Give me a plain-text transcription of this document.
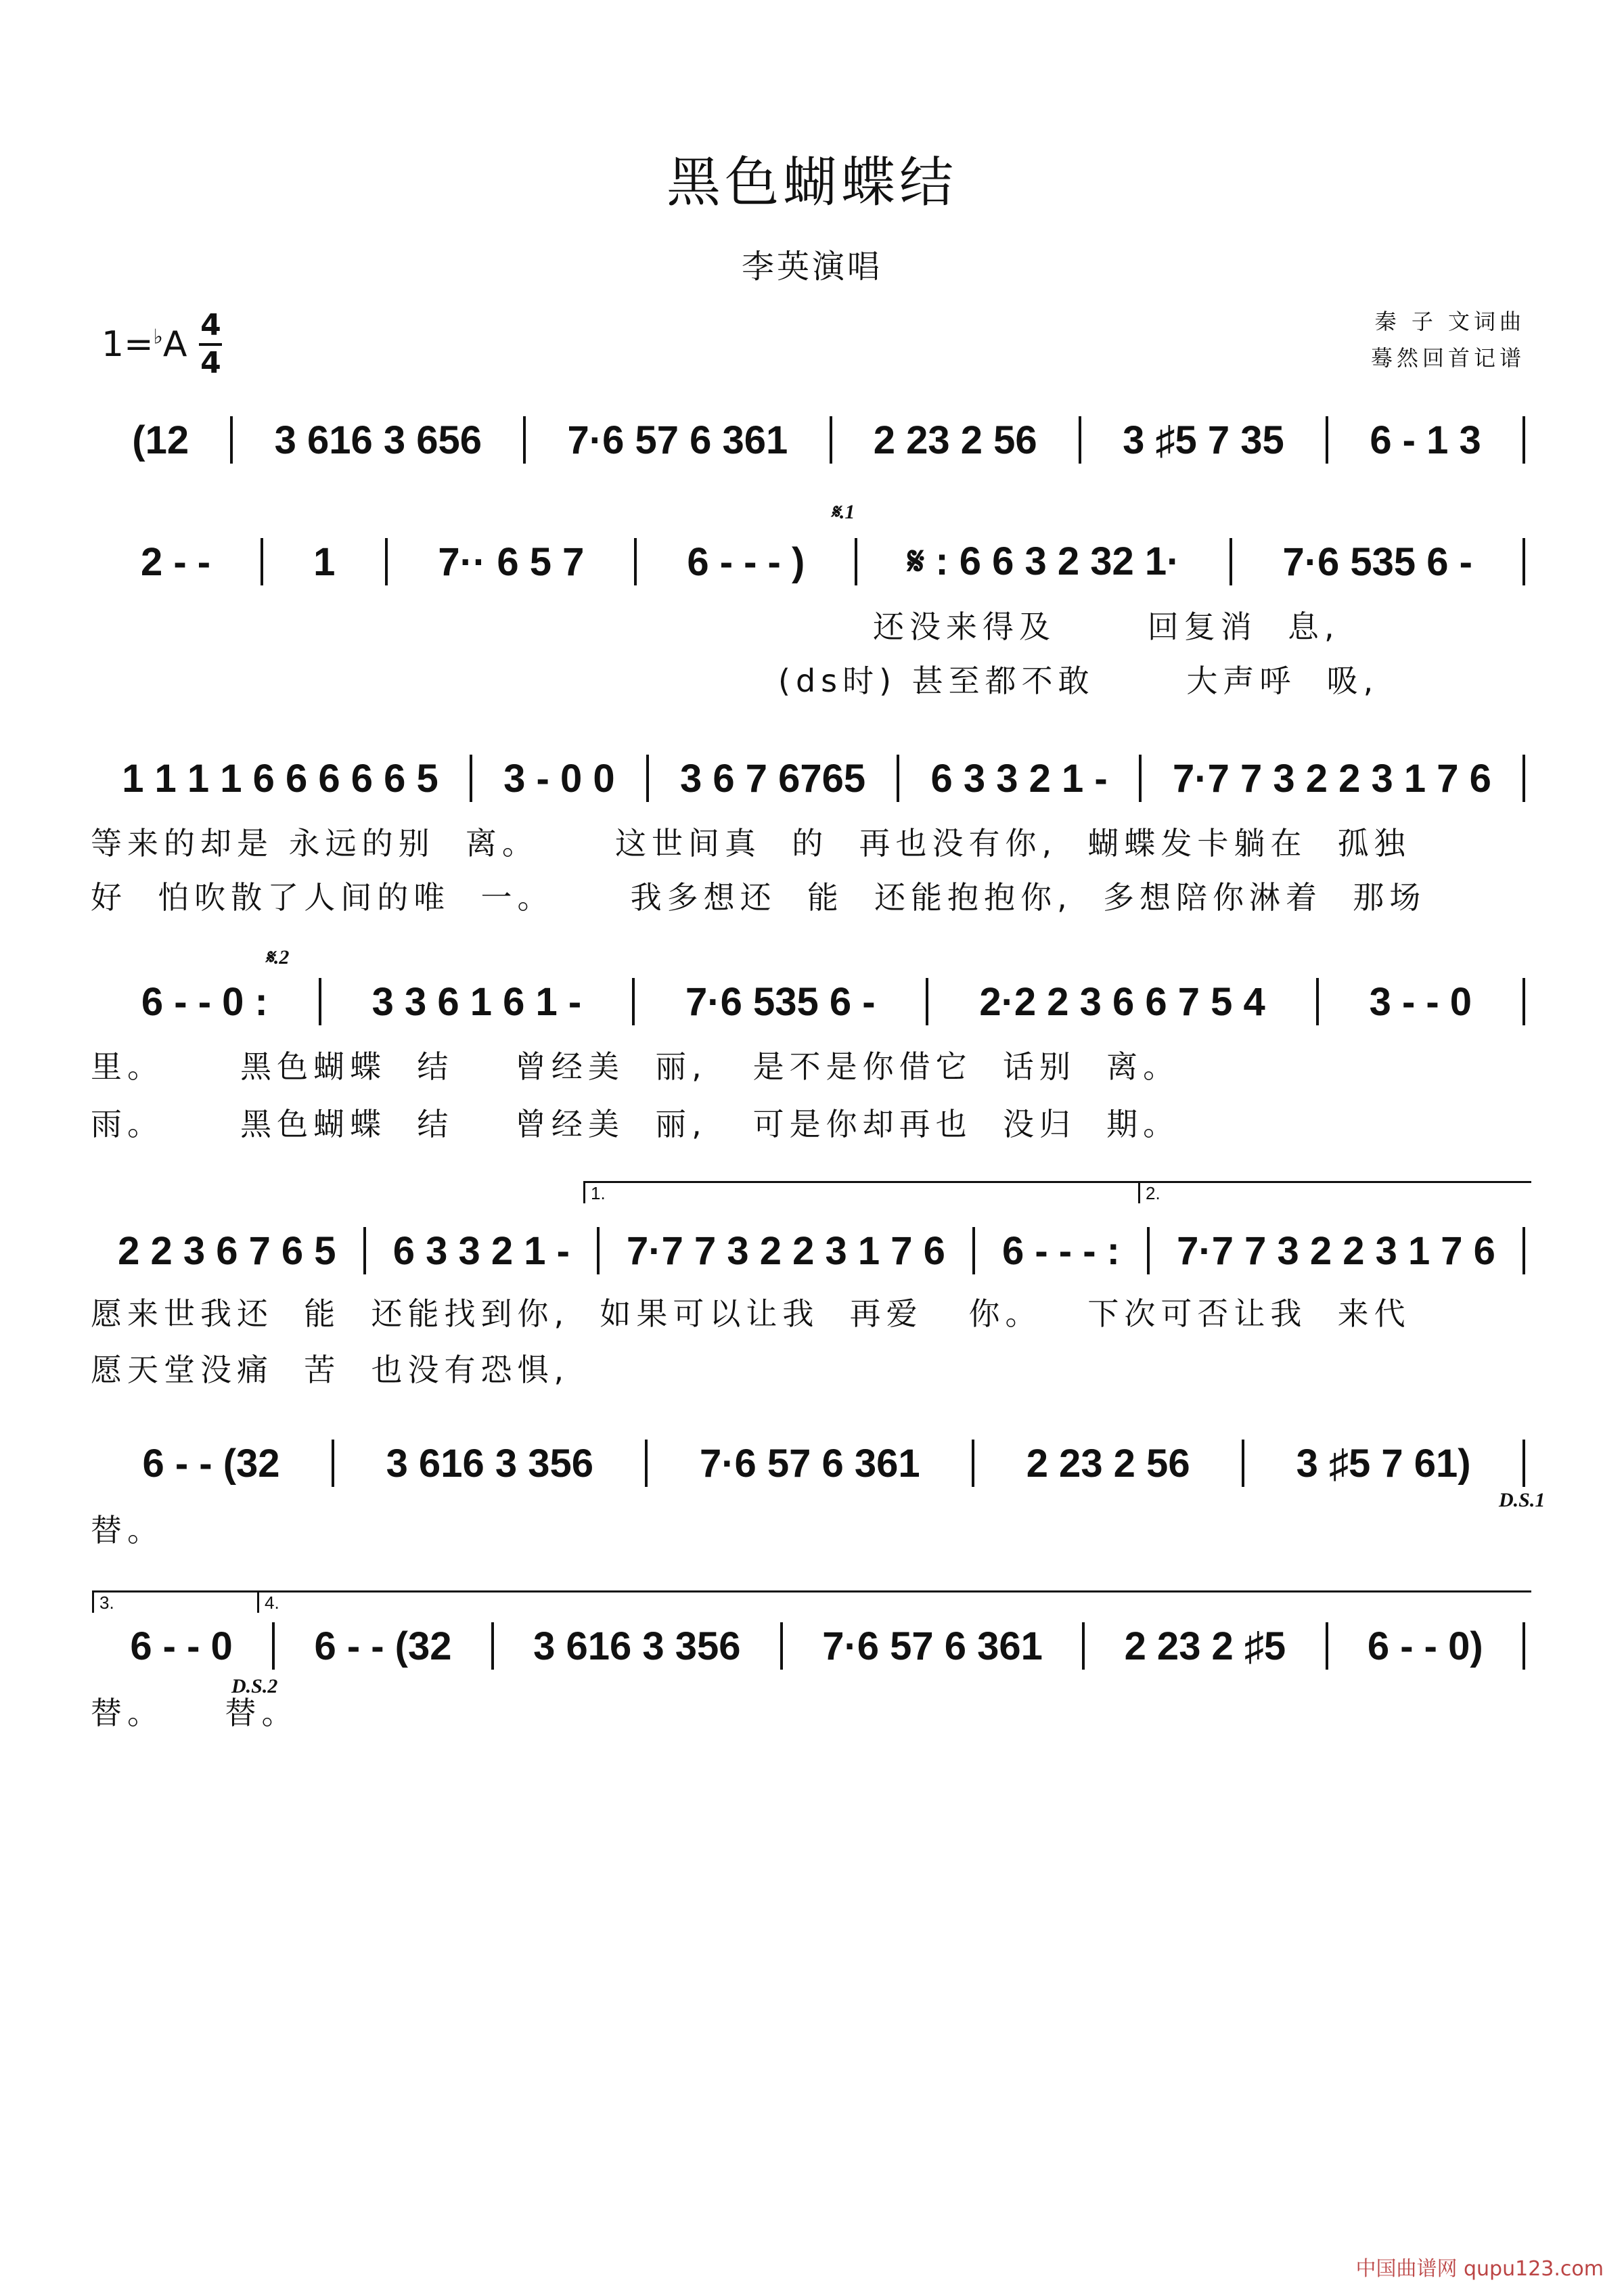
黑色蝴蝶结
李英演唱
1=♭A 4
4
秦 子 文词曲
蓦然回首记谱
(12	3 616 3 656	7·6 57 6 361	2 23 2 56	3 ♯5 7 35	6 - 1 3
2 - -	1	7·· 6 5 7	6 - - - )	𝄋 : 6 6 3 2 32 1·	7·6 535 6 -
还没来得及      回复消  息,
(ds时) 甚至都不敢      大声呼  吸,
1 1 1 1 6 6 6 6 6 5	3 - 0 0	3 6 7 6765	6 3 3 2 1 -	7·7 7 3 2 2 3 1 7 6
等来的却是 永远的别  离。     这世间真  的  再也没有你,  蝴蝶发卡躺在  孤独
好  怕吹散了人间的唯  一。     我多想还  能  还能抱抱你,  多想陪你淋着  那场
6 - - 0 :	3 3 6 1 6 1 -	7·6 535 6 -	2·2 2 3 6 6 7 5 4	3 - - 0
里。     黑色蝴蝶  结    曾经美  丽,   是不是你借它  话别  离。
雨。     黑色蝴蝶  结    曾经美  丽,   可是你却再也  没归  期。
2 2 3 6 7 6 5	6 3 3 2 1 -	7·7 7 3 2 2 3 1 7 6	6 - - - :	7·7 7 3 2 2 3 1 7 6
愿来世我还  能  还能找到你,  如果可以让我  再爱   你。   下次可否让我  来代
愿天堂没痛  苦  也没有恐惧,
6 - - (32	3 616 3 356	7·6 57 6 361	2 23 2 56	3 ♯5 7 61)
替。
6 - - 0	6 - - (32	3 616 3 356	7·6 57 6 361	2 23 2 ♯5	6 - - 0)
替。    替。
𝄋.1
𝄋.2
D.S.1
D.S.2
1.	2.
3.	4.
中国曲谱网 qupu123.com
